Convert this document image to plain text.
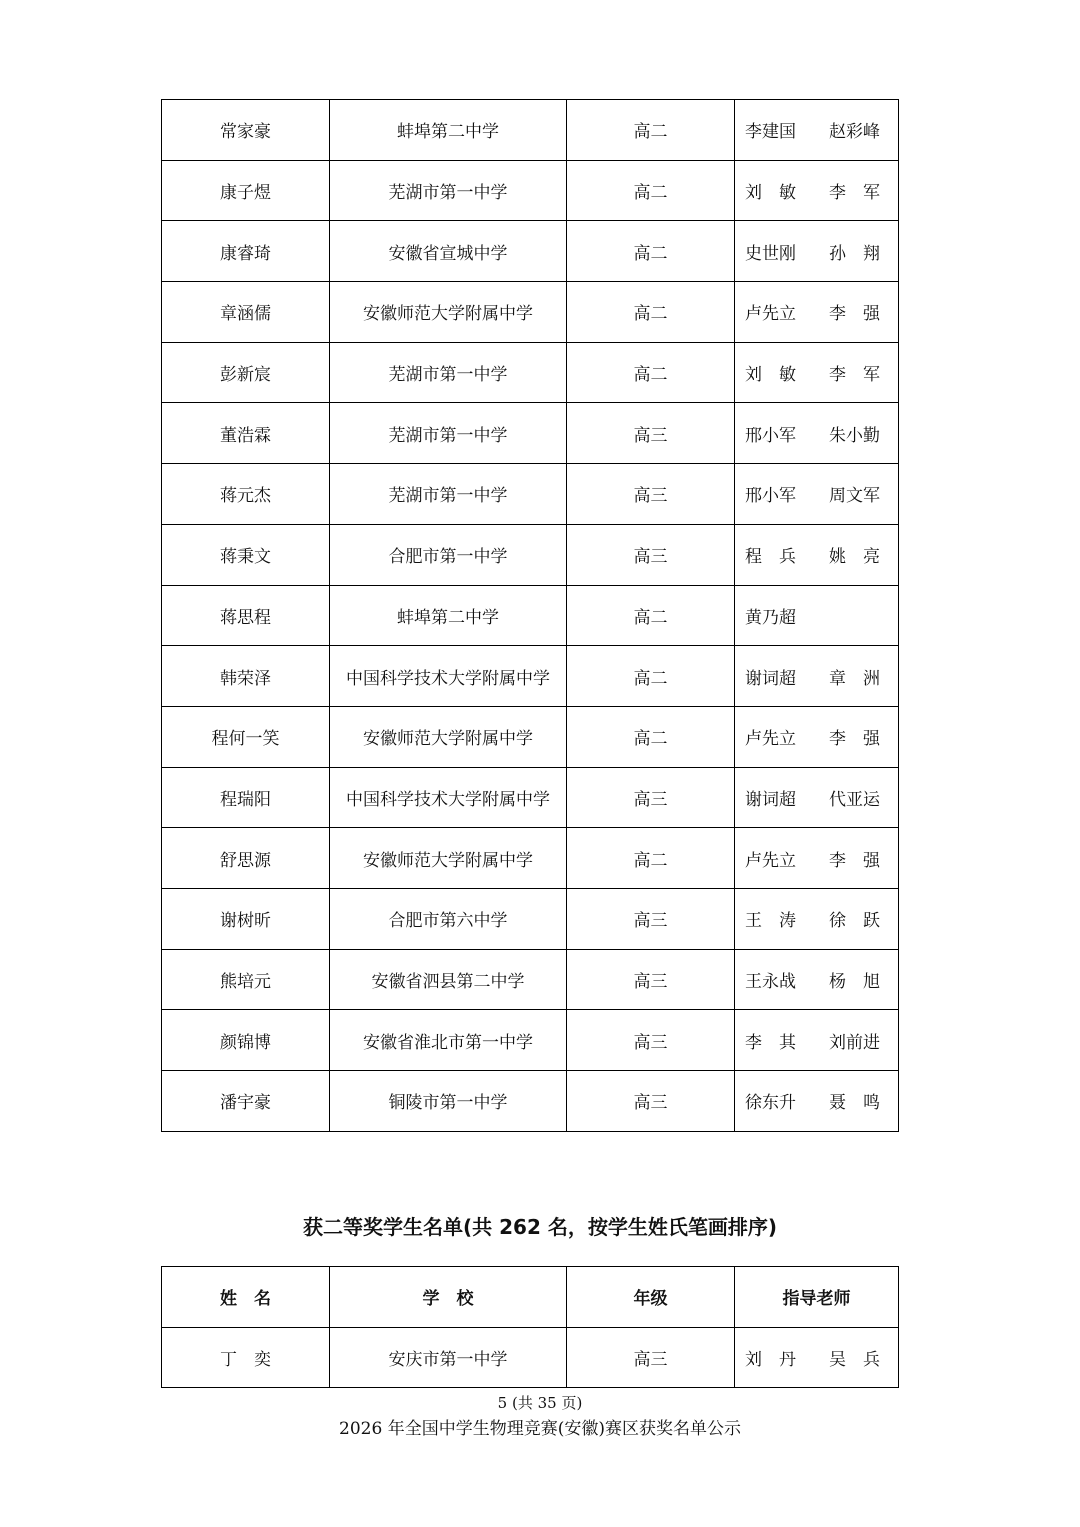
常家豪	蚌埠第二中学	高二	李建国 赵彩峰

康子煜	芜湖市第一中学	高二	刘　敏 李　军

康睿琦	安徽省宣城中学	高二	史世刚 孙　翔

章涵儒	安徽师范大学附属中学	高二	卢先立 李　强

彭新宸	芜湖市第一中学	高二	刘　敏 李　军

董浩霖	芜湖市第一中学	高三	邢小军 朱小勤

蒋元杰	芜湖市第一中学	高三	邢小军 周文军

蒋秉文	合肥市第一中学	高三	程　兵 姚　亮

蒋思程	蚌埠第二中学	高二	黄乃超

韩荣泽	中国科学技术大学附属中学	高二	谢词超 章　洲

程何一笑	安徽师范大学附属中学	高二	卢先立 李　强

程瑞阳	中国科学技术大学附属中学	高三	谢词超 代亚运

舒思源	安徽师范大学附属中学	高二	卢先立 李　强

谢树昕	合肥市第六中学	高三	王　涛 徐　跃

熊培元	安徽省泗县第二中学	高三	王永战 杨　旭

颜锦博	安徽省淮北市第一中学	高三	李　其 刘前进

潘宇豪	铜陵市第一中学	高三	徐东升 聂　鸣
获二等奖学生名单(共 262 名，按学生姓氏笔画排序)
姓　名	学　校	年级	指导老师
丁　奕	安庆市第一中学	高三	刘　丹 吴　兵
5 (共 35 页)
2026 年全国中学生物理竞赛(安徽)赛区获奖名单公示
